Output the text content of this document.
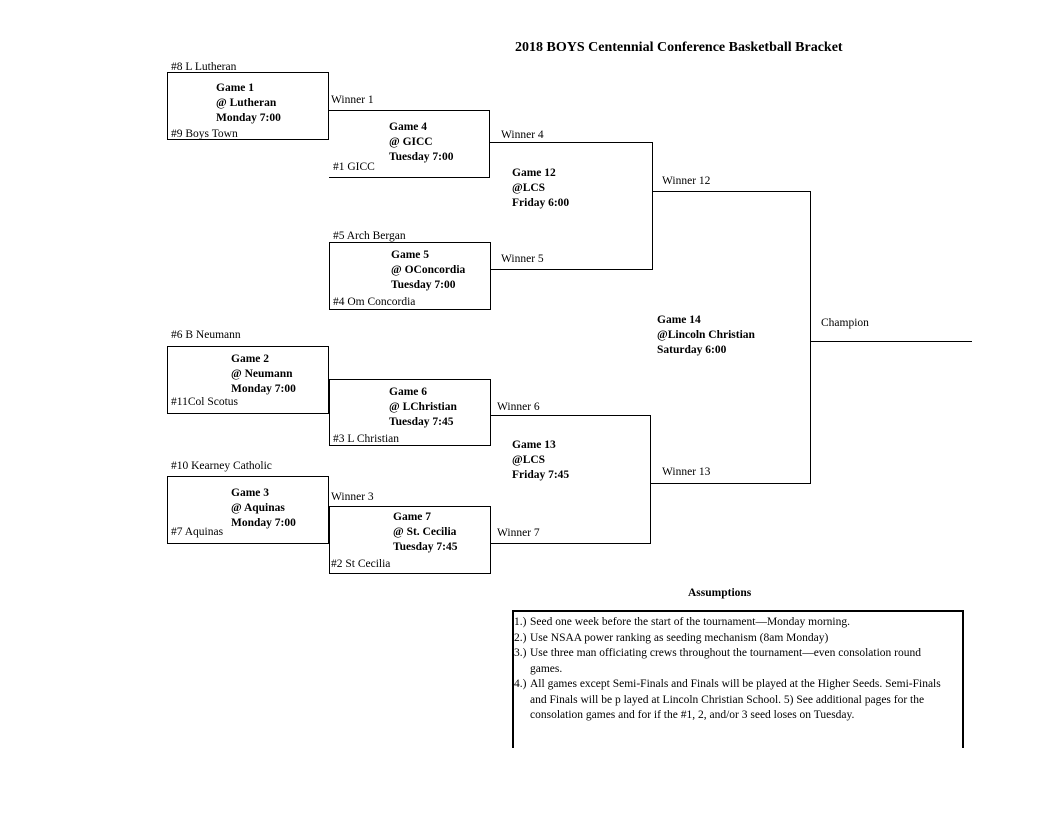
2018 BOYS Centennial Conference Basketball Bracket
#8 L Lutheran
#9 Boys Town
#1 GICC
#5 Arch Bergan
#4 Om Concordia
#6 B Neumann
#11Col Scotus
#3 L Christian
#10 Kearney Catholic
#7 Aquinas
#2 St Cecilia
Game 1
@ Lutheran
Monday 7:00
Game 4
@ GICC
Tuesday 7:00
Game 5
@ OConcordia
Tuesday 7:00
Game 12
@LCS
Friday 6:00
Game 2
@ Neumann
Monday 7:00	Game 6
@ LChristian
Tuesday 7:45
Game 3
@ Aquinas
Monday 7:00	Game 7
@ St. Cecilia
Tuesday 7:45
Game 13
@LCS
Friday 7:45
Game 14
@Lincoln Christian
Saturday 6:00
Winner 1
Winner 4
Winner 5
Winner 12
Winner 6
Winner 3
Winner 7
Winner 13
Champion
Assumptions
1.) Seed one week before the start of the tournament—Monday morning.
2.) Use NSAA power ranking as seeding mechanism (8am Monday)
3.) Use three man officiating crews throughout the tournament—even consolation round games.
4.) All games except Semi-Finals and Finals will be played at the Higher Seeds. Semi-Finals and Finals will be p layed at Lincoln Christian School. 5) See additional pages for the consolation games and for if the #1, 2, and/or 3 seed loses on Tuesday.
